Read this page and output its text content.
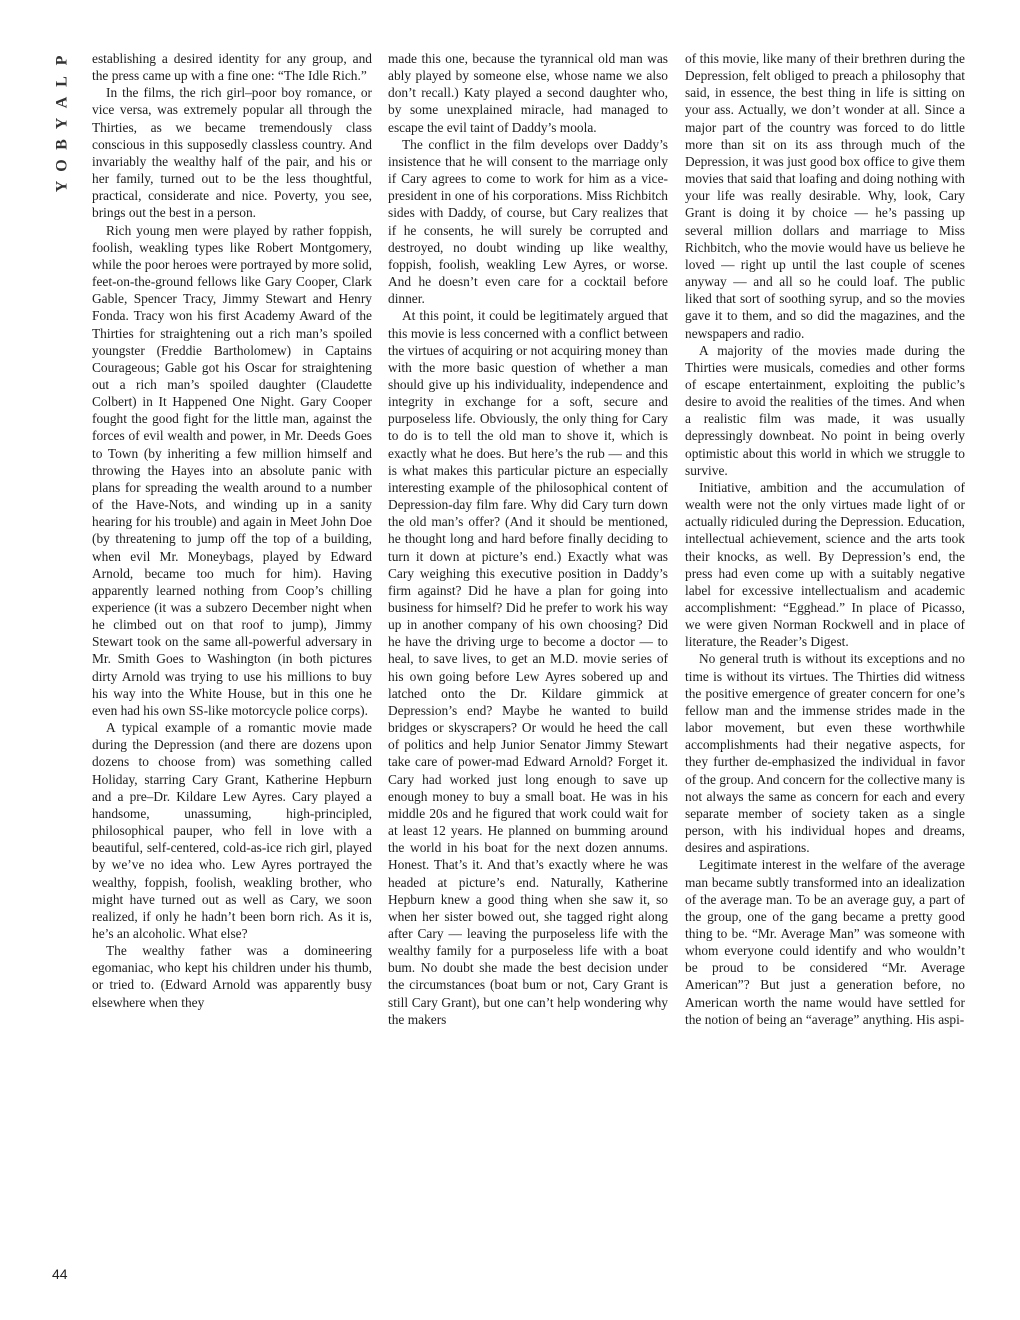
P
L
A
Y
B
O
Y

establishing a desired identity for any group, and the press came up with a fine one: “The Idle Rich.”

In the films, the rich girl–poor boy romance, or vice versa, was extremely popular all through the Thirties, as we became tremendously class conscious in this supposedly classless country. And invariably the wealthy half of the pair, and his or her family, turned out to be the less thoughtful, practical, considerate and nice. Poverty, you see, brings out the best in a person.

Rich young men were played by rather foppish, foolish, weakling types like Robert Montgomery, while the poor heroes were portrayed by more solid, feet-on-the-ground fellows like Gary Cooper, Clark Gable, Spencer Tracy, Jimmy Stewart and Henry Fonda. Tracy won his first Academy Award of the Thirties for straightening out a rich man’s spoiled youngster (Freddie Bartholomew) in Captains Courageous; Gable got his Oscar for straightening out a rich man’s spoiled daughter (Claudette Colbert) in It Happened One Night. Gary Cooper fought the good fight for the little man, against the forces of evil wealth and power, in Mr. Deeds Goes to Town (by inheriting a few million himself and throwing the Hayes into an absolute panic with plans for spreading the wealth around to a number of the Have-Nots, and winding up in a sanity hearing for his trouble) and again in Meet John Doe (by threatening to jump off the top of a building, when evil Mr. Moneybags, played by Edward Arnold, became too much for him). Having apparently learned nothing from Coop’s chilling experience (it was a subzero December night when he climbed out on that roof to jump), Jimmy Stewart took on the same all-powerful adversary in Mr. Smith Goes to Washington (in both pictures dirty Arnold was trying to use his millions to buy his way into the White House, but in this one he even had his own SS-like motorcycle police corps).

A typical example of a romantic movie made during the Depression (and there are dozens upon dozens to choose from) was something called Holiday, starring Cary Grant, Katherine Hepburn and a pre–Dr. Kildare Lew Ayres. Cary played a handsome, unassuming, high-principled, philosophical pauper, who fell in love with a beautiful, self-centered, cold-as-ice rich girl, played by we’ve no idea who. Lew Ayres portrayed the wealthy, foppish, foolish, weakling brother, who might have turned out as well as Cary, we soon realized, if only he hadn’t been born rich. As it is, he’s an alcoholic. What else?

The wealthy father was a domineering egomaniac, who kept his children under his thumb, or tried to. (Edward Arnold was apparently busy elsewhere when they

made this one, because the tyrannical old man was ably played by someone else, whose name we also don’t recall.) Katy played a second daughter who, by some unexplained miracle, had managed to escape the evil taint of Daddy’s moola.

The conflict in the film develops over Daddy’s insistence that he will consent to the marriage only if Cary agrees to come to work for him as a vice-president in one of his corporations. Miss Richbitch sides with Daddy, of course, but Cary realizes that if he consents, he will surely be corrupted and destroyed, no doubt winding up like wealthy, foppish, foolish, weakling Lew Ayres, or worse. And he doesn’t even care for a cocktail before dinner.

At this point, it could be legitimately argued that this movie is less concerned with a conflict between the virtues of acquiring or not acquiring money than with the more basic question of whether a man should give up his individuality, independence and integrity in exchange for a soft, secure and purposeless life. Obviously, the only thing for Cary to do is to tell the old man to shove it, which is exactly what he does. But here’s the rub — and this is what makes this particular picture an especially interesting example of the philosophical content of Depression-day film fare. Why did Cary turn down the old man’s offer? (And it should be mentioned, he thought long and hard before finally deciding to turn it down at picture’s end.) Exactly what was Cary weighing this executive position in Daddy’s firm against? Did he have a plan for going into business for himself? Did he prefer to work his way up in another company of his own choosing? Did he have the driving urge to become a doctor — to heal, to save lives, to get an M.D. movie series of his own going before Lew Ayres sobered up and latched onto the Dr. Kildare gimmick at Depression’s end? Maybe he wanted to build bridges or skyscrapers? Or would he heed the call of politics and help Junior Senator Jimmy Stewart take care of power-mad Edward Arnold? Forget it. Cary had worked just long enough to save up enough money to buy a small boat. He was in his middle 20s and he figured that work could wait for at least 12 years. He planned on bumming around the world in his boat for the next dozen annums. Honest. That’s it. And that’s exactly where he was headed at picture’s end. Naturally, Katherine Hepburn knew a good thing when she saw it, so when her sister bowed out, she tagged right along after Cary — leaving the purposeless life with the wealthy family for a purposeless life with a boat bum. No doubt she made the best decision under the circumstances (boat bum or not, Cary Grant is still Cary Grant), but one can’t help wondering why the makers

of this movie, like many of their brethren during the Depression, felt obliged to preach a philosophy that said, in essence, the best thing in life is sitting on your ass. Actually, we don’t wonder at all. Since a major part of the country was forced to do little more than sit on its ass through much of the Depression, it was just good box office to give them movies that said that loafing and doing nothing with your life was really desirable. Why, look, Cary Grant is doing it by choice — he’s passing up several million dollars and marriage to Miss Richbitch, who the movie would have us believe he loved — right up until the last couple of scenes anyway — and all so he could loaf. The public liked that sort of soothing syrup, and so the movies gave it to them, and so did the magazines, and the newspapers and radio.

A majority of the movies made during the Thirties were musicals, comedies and other forms of escape entertainment, exploiting the public’s desire to avoid the realities of the times. And when a realistic film was made, it was usually depressingly downbeat. No point in being overly optimistic about this world in which we struggle to survive.

Initiative, ambition and the accumulation of wealth were not the only virtues made light of or actually ridiculed during the Depression. Education, intellectual achievement, science and the arts took their knocks, as well. By Depression’s end, the press had even come up with a suitably negative label for excessive intellectualism and academic accomplishment: “Egghead.” In place of Picasso, we were given Norman Rockwell and in place of literature, the Reader’s Digest.

No general truth is without its exceptions and no time is without its virtues. The Thirties did witness the positive emergence of greater concern for one’s fellow man and the immense strides made in the labor movement, but even these worthwhile accomplishments had their negative aspects, for they further de-emphasized the individual in favor of the group. And concern for the collective many is not always the same as concern for each and every separate member of society taken as a single person, with his individual hopes and dreams, desires and aspirations.

Legitimate interest in the welfare of the average man became subtly transformed into an idealization of the average man. To be an average guy, a part of the group, one of the gang became a pretty good thing to be. “Mr. Average Man” was someone with whom everyone could identify and who wouldn’t be proud to be considered “Mr. Average American”? But just a generation before, no American worth the name would have settled for the notion of being an “average” anything. His aspi-

44
